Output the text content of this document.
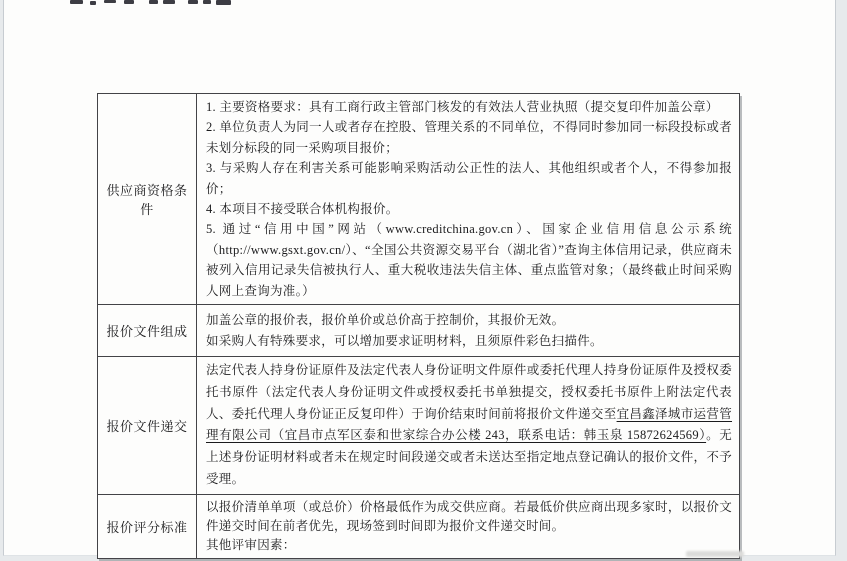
供应商资格条件	1. 主要资格要求：具有工商行政主管部门核发的有效法人营业执照（提交复印件加盖公章）

2. 单位负责人为同一人或者存在控股、管理关系的不同单位，不得同时参加同一标段投标或者未划分标段的同一采购项目报价；

3. 与采购人存在利害关系可能影响采购活动公正性的法人、其他组织或者个人，不得参加报价；

4. 本项目不接受联合体机构报价。

5. 通过“信用中国”网站（www.creditchina.gov.cn）、国家企业信用信息公示系统（http://www.gsxt.gov.cn/）、“全国公共资源交易平台（湖北省）”查询主体信用记录，供应商未被列入信用记录失信被执行人、重大税收违法失信主体、重点监管对象；（最终截止时间采购人网上查询为准。）

报价文件组成	加盖公章的报价表，报价单价或总价高于控制价，其报价无效。

如采购人有特殊要求，可以增加要求证明材料，且须原件彩色扫描件。

报价文件递交	法定代表人持身份证原件及法定代表人身份证明文件原件或委托代理人持身份证原件及授权委托书原件（法定代表人身份证明文件或授权委托书单独提交，授权委托书原件上附法定代表人、委托代理人身份证正反复印件）于询价结束时间前将报价文件递交至宜昌鑫泽城市运营管理有限公司（宜昌市点军区泰和世家综合办公楼 243，联系电话：韩玉泉 15872624569）。无上述身份证明材料或者未在规定时间段递交或者未送达至指定地点登记确认的报价文件，不予受理。

报价评分标准	以报价清单单项（或总价）价格最低作为成交供应商。若最低价供应商出现多家时，以报价文件递交时间在前者优先，现场签到时间即为报价文件递交时间。

其他评审因素：
